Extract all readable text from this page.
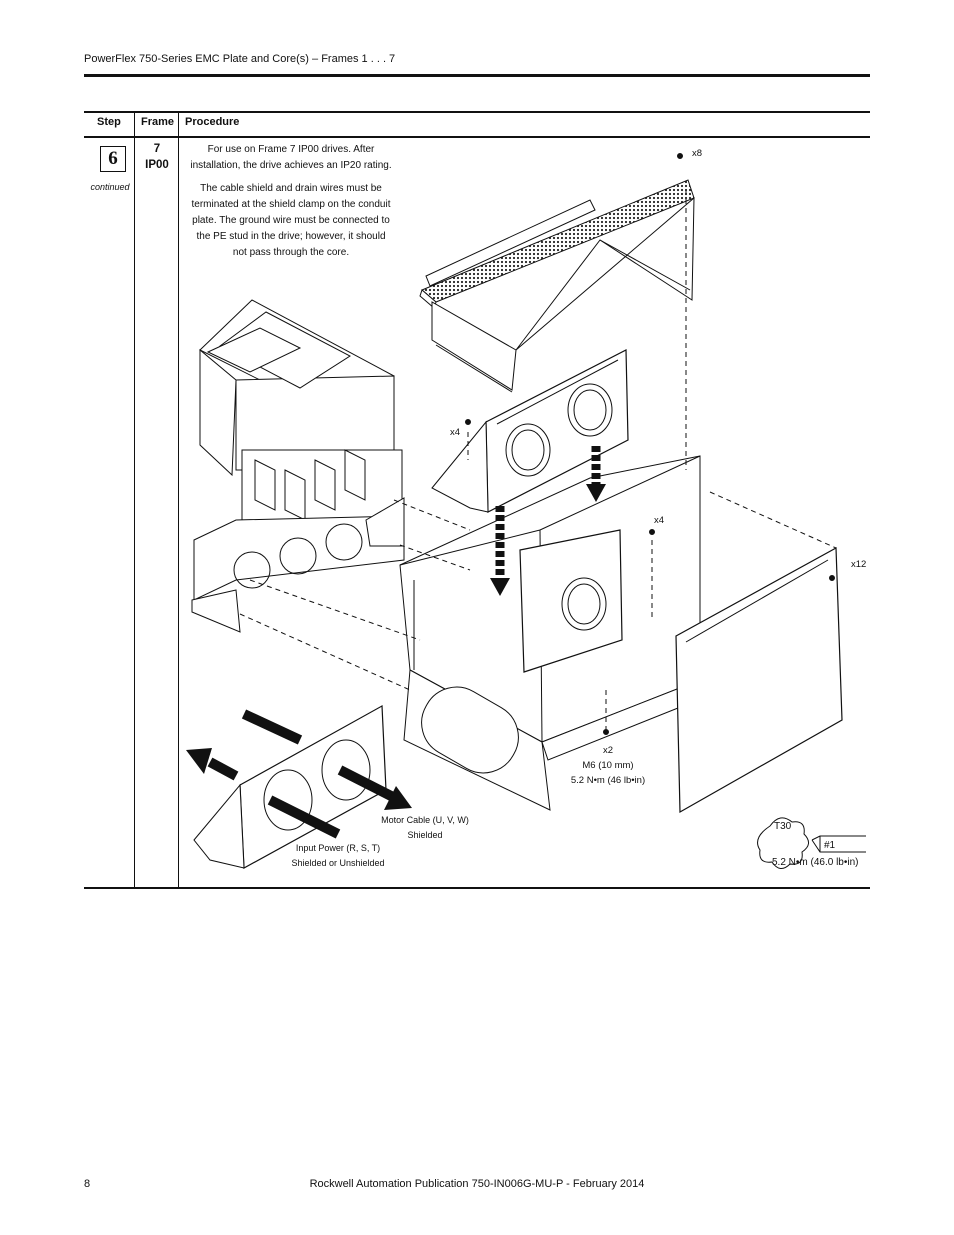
PowerFlex 750-Series EMC Plate and Core(s) – Frames 1 . . . 7
Step Frame Procedure
6
continued
7
IP00
For use on Frame 7 IP00 drives. After installation, the drive achieves an IP20 rating.
The cable shield and drain wires must be terminated at the shield clamp on the conduit plate. The ground wire must be connected to the PE stud in the drive; however, it should not pass through the core.
x8
x4
x4
x12
x2
M6 (10 mm)
5.2 N•m (46 lb•in)
Motor Cable (U, V, W)
Shielded
Input Power (R, S, T)
Shielded or Unshielded
T30
#1
5.2 N•m (46.0 lb•in)
8	Rockwell Automation Publication 750-IN006G-MU-P - February 2014
